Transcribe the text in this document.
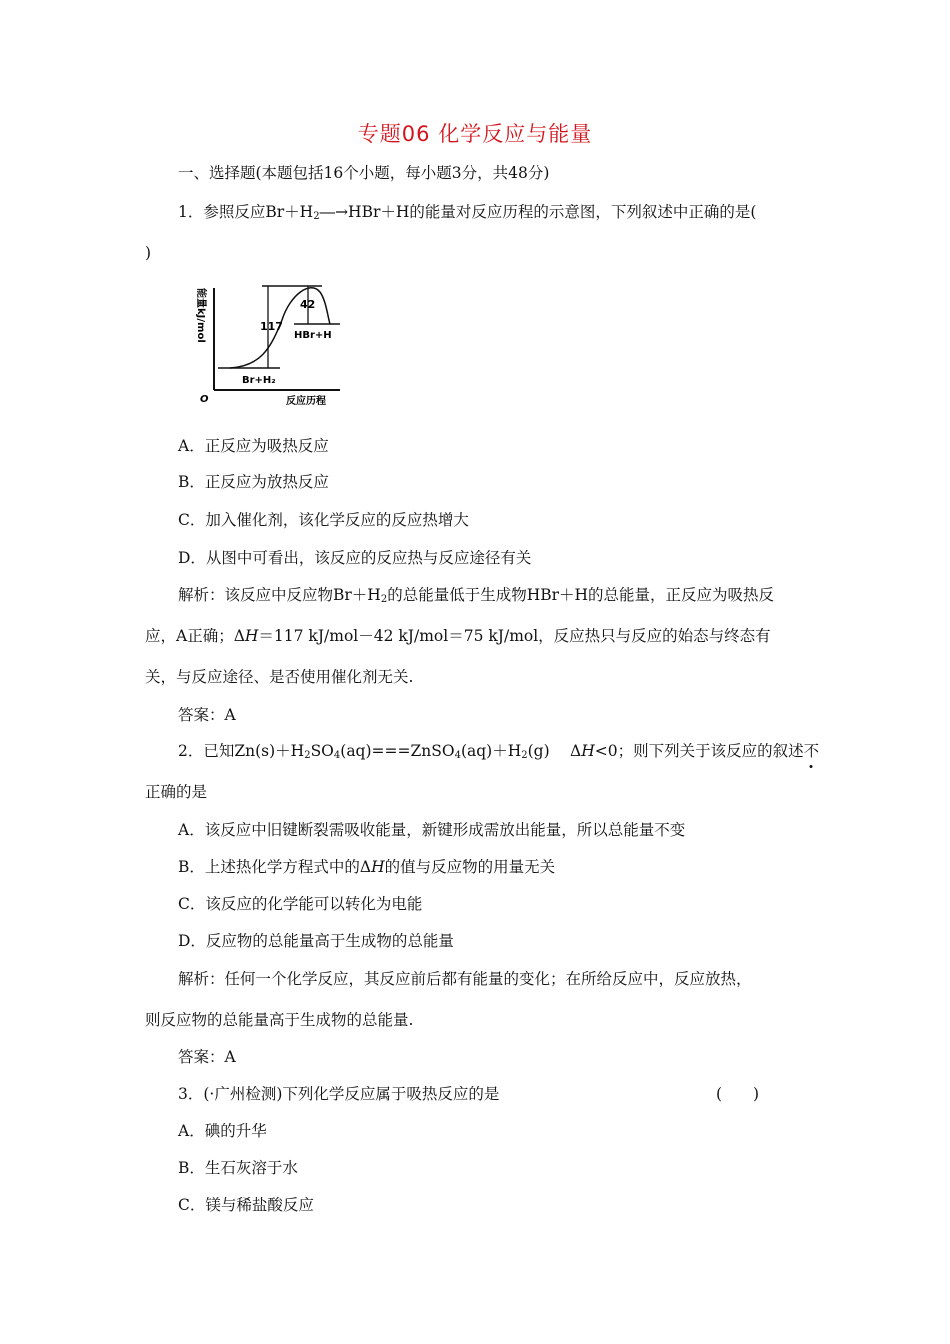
专题06 化学反应与能量
一、选择题(本题包括16个小题，每小题3分，共48分)
1．参照反应$Br+H_2―\to HBr+H$的能量对反应历程的示意图，下列叙述中正确的是(
)
117
42
Br+H₂
HBr+H
O	反应历程
能量kJ/mol
A．正反应为吸热反应
B．正反应为放热反应
C．加入催化剂，该化学反应的反应热增大
D．从图中可看出，该反应的反应热与反应途径有关
解析：该反应中反应物$Br+H_2$的总能量低于生成物HBr＋H的总能量，正反应为吸热反
应，A正确；ΔH＝117 kJ/mol－42 kJ/mol＝75 kJ/mol，反应热只与反应的始态与终态有
关，与反应途径、是否使用催化剂无关.
答案：A
2．已知$Zn(s)+H_2SO_4(aq)===ZnSO_4(aq)+H_2(g)$　 ΔH<0；则下列关于该反应的叙述不
正确的是
A．该反应中旧键断裂需吸收能量，新键形成需放出能量，所以总能量不变
B．上述热化学方程式中的ΔH的值与反应物的用量无关
C．该反应的化学能可以转化为电能
D．反应物的总能量高于生成物的总能量
解析：任何一个化学反应，其反应前后都有能量的变化；在所给反应中，反应放热，
则反应物的总能量高于生成物的总能量.
答案：A
3．(·广州检测)下列化学反应属于吸热反应的是	(　　)
A．碘的升华
B．生石灰溶于水
C．镁与稀盐酸反应
